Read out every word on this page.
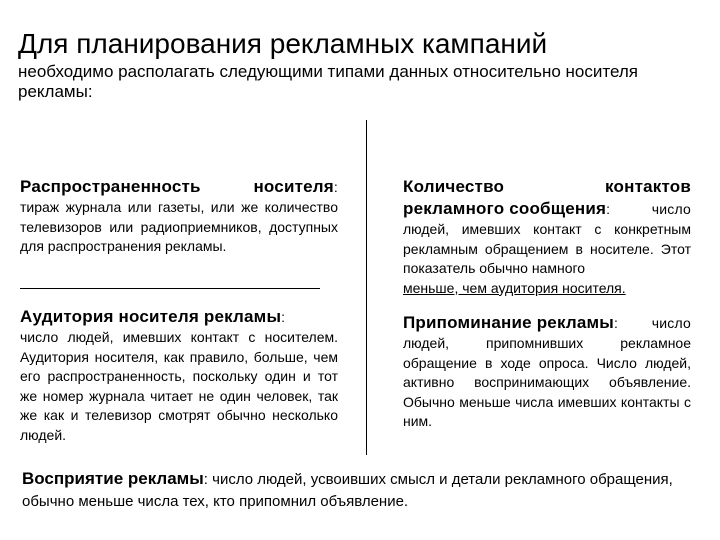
Для планирования рекламных кампаний
необходимо располагать следующими типами данных относительно носителя рекламы:
Распространенность	носителя:
тираж журнала или газеты, или же количество телевизоров или радиоприемников, доступных для распространения рекламы.
Аудитория носителя рекламы:
число людей, имевших контакт с носителем. Аудитория носителя, как правило, больше, чем его распространенность, поскольку один и тот же номер журнала читает не один человек, так же как и телевизор смотрят обычно несколько людей.
Количество	контактов
рекламного сообщения:	число
людей, имевших контакт с конкретным рекламным обращением в носителе. Этот показатель обычно намного
меньше, чем аудитория носителя.
Припоминание рекламы: число
людей, припомнивших рекламное обращение в ходе опроса. Число людей, активно воспринимающих объявление. Обычно меньше числа имевших контакты с ним.
Восприятие рекламы: число людей, усвоивших смысл и детали рекламного обращения, обычно меньше числа тех, кто припомнил объявление.
